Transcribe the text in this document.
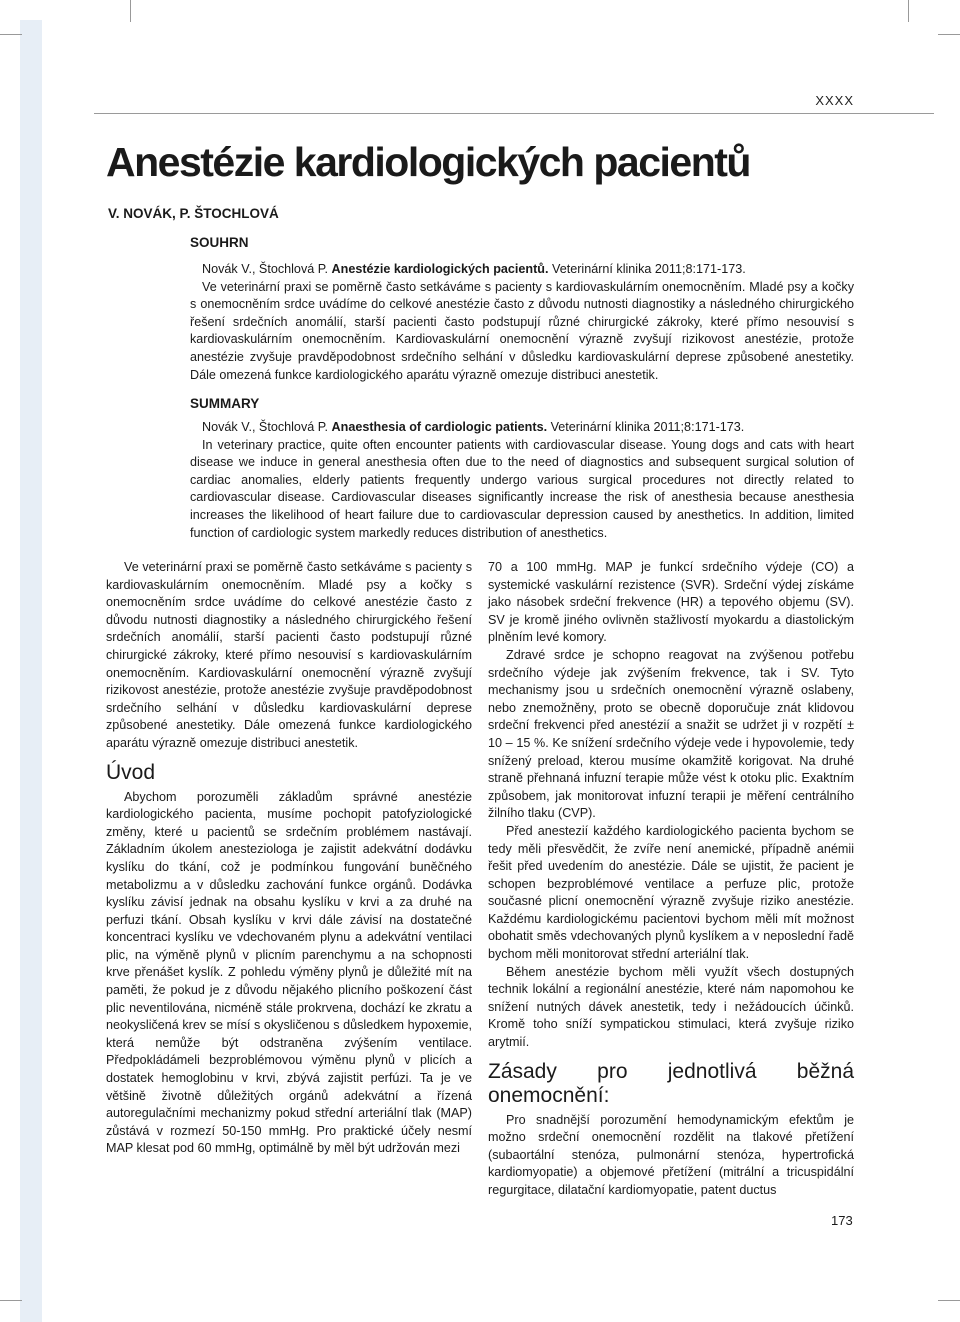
XXXX
Anestézie kardiologických pacientů
V. NOVÁK, P. ŠTOCHLOVÁ
SOUHRN

Novák V., Štochlová P. Anestézie kardiologických pacientů. Veterinární klinika 2011;8:171-173.

Ve veterinární praxi se poměrně často setkáváme s pacienty s kardiovaskulárním onemocněním. Mladé psy a kočky s onemocněním srdce uvádíme do celkové anestézie často z důvodu nutnosti diagnostiky a následného chirurgického řešení srdečních anomálií, starší pacienti často podstupují různé chirurgické zákroky, které přímo nesouvisí s kardiovaskulárním onemocněním. Kardiovaskulární onemocnění výrazně zvyšují rizikovost anestézie, protože anestézie zvyšuje pravděpodobnost srdečního selhání v důsledku kardiovaskulární deprese způsobené anestetiky. Dále omezená funkce kardiologického aparátu výrazně omezuje distribuci anestetik.

SUMMARY

Novák V., Štochlová P. Anaesthesia of cardiologic patients. Veterinární klinika 2011;8:171-173.

In veterinary practice, quite often encounter patients with cardiovascular disease. Young dogs and cats with heart disease we induce in general anesthesia often due to the need of diagnostics and subsequent surgical solution of cardiac anomalies, elderly patients frequently undergo various surgical procedures not directly related to cardiovascular disease. Cardiovascular diseases significantly increase the risk of anesthesia because anesthesia increases the likelihood of heart failure due to cardiovascular depression caused by anesthetics. In addition, limited function of cardiologic system markedly reduces distribution of anesthetics.

Ve veterinární praxi se poměrně často setkáváme s pacienty s kardiovaskulárním onemocněním. Mladé psy a kočky s onemocněním srdce uvádíme do celkové anestézie často z důvodu nutnosti diagnostiky a následného chirurgického řešení srdečních anomálií, starší pacienti často podstupují různé chirurgické zákroky, které přímo nesouvisí s kardiovaskulárním onemocněním. Kardiovaskulární onemocnění výrazně zvyšují rizikovost anestézie, protože anestézie zvyšuje pravděpodobnost srdečního selhání v důsledku kardiovaskulární deprese způsobené anestetiky. Dále omezená funkce kardiologického aparátu výrazně omezuje distribuci anestetik.

Úvod

Abychom porozuměli základům správné anestézie kardiologického pacienta, musíme pochopit patofyziologické změny, které u pacientů se srdečním problémem nastávají. Základním úkolem anesteziologa je zajistit adekvátní dodávku kyslíku do tkání, což je podmínkou fungování buněčného metabolizmu a v důsledku zachování funkce orgánů. Dodávka kyslíku závisí jednak na obsahu kyslíku v krvi a za druhé na perfuzi tkání. Obsah kyslíku v krvi dále závisí na dostatečné koncentraci kyslíku ve vdechovaném plynu a adekvátní ventilaci plic, na výměně plynů v plicním parenchymu a na schopnosti krve přenášet kyslík. Z pohledu výměny plynů je důležité mít na paměti, že pokud je z důvodu nějakého plicního poškození část plic neventilována, nicméně stále prokrvena, dochází ke zkratu a neokysličená krev se mísí s okysličenou s důsledkem hypoxemie, která nemůže být odstraněna zvýšením ventilace. Předpokládámeli bezproblémovou výměnu plynů v plicích a dostatek hemoglobinu v krvi, zbývá zajistit perfúzi. Ta je ve většině životně důležitých orgánů adekvátní a řízená autoregulačními mechanizmy pokud střední arteriální tlak (MAP) zůstává v rozmezí 50-150 mmHg. Pro praktické účely nesmí MAP klesat pod 60 mmHg, optimálně by měl být udržován mezi

70 a 100 mmHg. MAP je funkcí srdečního výdeje (CO) a systemické vaskulární rezistence (SVR). Srdeční výdej získáme jako násobek srdeční frekvence (HR) a tepového objemu (SV). SV je kromě jiného ovlivněn stažlivostí myokardu a diastolickým plněním levé komory.

Zdravé srdce je schopno reagovat na zvýšenou potřebu srdečního výdeje jak zvýšením frekvence, tak i SV. Tyto mechanismy jsou u srdečních onemocnění výrazně oslabeny, nebo znemožněny, proto se obecně doporučuje znát klidovou srdeční frekvenci před anestézií a snažit se udržet ji v rozpětí ± 10 – 15 %. Ke snížení srdečního výdeje vede i hypovolemie, tedy snížený preload, kterou musíme okamžitě korigovat. Na druhé straně přehnaná infuzní terapie může vést k otoku plic. Exaktním způsobem, jak monitorovat infuzní terapii je měření centrálního žilního tlaku (CVP).

Před anestezií každého kardiologického pacienta bychom se tedy měli přesvědčit, že zvíře není anemické, případně anémii řešit před uvedením do anestézie. Dále se ujistit, že pacient je schopen bezproblémové ventilace a perfuze plic, protože současné plicní onemocnění výrazně zvyšuje riziko anestézie. Každému kardiologickému pacientovi bychom měli mít možnost obohatit směs vdechovaných plynů kyslíkem a v neposlední řadě bychom měli monitorovat střední arteriální tlak.

Během anestézie bychom měli využít všech dostupných technik lokální a regionální anestézie, které nám napomohou ke snížení nutných dávek anestetik, tedy i nežádoucích účinků. Kromě toho sníží sympatickou stimulaci, která zvyšuje riziko arytmií.

Zásady pro jednotlivá běžná onemocnění:

Pro snadnější porozumění hemodynamickým efektům je možno srdeční onemocnění rozdělit na tlakové přetížení (subaortální stenóza, pulmonární stenóza, hypertrofická kardiomyopatie) a objemové přetížení (mitrální a tricuspidální regurgitace, dilatační kardiomyopatie, patent ductus

173
